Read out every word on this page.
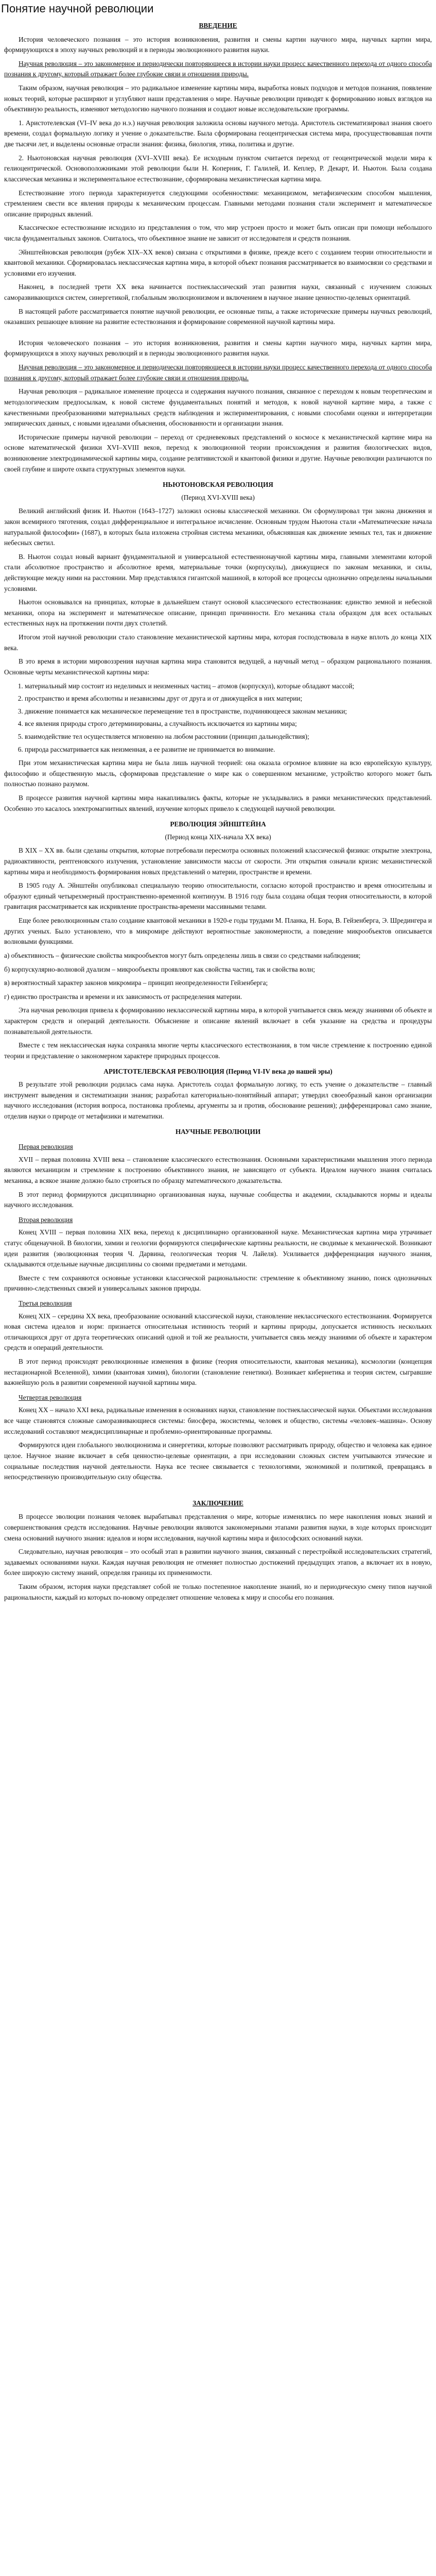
Понятие научной революции
ВВЕДЕНИЕ

История человеческого познания – это история возникновения, развития и смены картин научного мира, научных картин мира, формирующихся в эпоху научных революций и в периоды эволюционного развития науки.

Научная революция – это закономерное и периодически повторяющееся в истории науки процесс качественного перехода от одного способа познания к другому, который отражает более глубокие связи и отношения природы.

Таким образом, научная революция – это радикальное изменение картины мира, выработка новых подходов и методов познания, появление новых теорий, которые расширяют и углубляют наши представления о мире. Научные революции приводят к формированию новых взглядов на объективную реальность, изменяют методологию научного познания и создают новые исследовательские программы.

1. Аристотелевская (VI–IV века до н.э.) научная революция заложила основы научного метода. Аристотель систематизировал знания своего времени, создал формальную логику и учение о доказательстве. Была сформирована геоцентрическая система мира, просуществовавшая почти две тысячи лет, и выделены основные отрасли знания: физика, биология, этика, политика и другие.

2. Ньютоновская научная революция (XVI–XVIII века). Ее исходным пунктом считается переход от геоцентрической модели мира к гелиоцентрической. Основоположниками этой революции были Н. Коперник, Г. Галилей, И. Кеплер, Р. Декарт, И. Ньютон. Была создана классическая механика и экспериментальное естествознание, сформирована механистическая картина мира.

Естествознание этого периода характеризуется следующими особенностями: механицизмом, метафизическим способом мышления, стремлением свести все явления природы к механическим процессам. Главными методами познания стали эксперимент и математическое описание природных явлений.

Классическое естествознание исходило из представления о том, что мир устроен просто и может быть описан при помощи небольшого числа фундаментальных законов. Считалось, что объективное знание не зависит от исследователя и средств познания.

Эйнштейновская революция (рубеж XIX–XX веков) связана с открытиями в физике, прежде всего с созданием теории относительности и квантовой механики. Сформировалась неклассическая картина мира, в которой объект познания рассматривается во взаимосвязи со средствами и условиями его изучения.

Наконец, в последней трети XX века начинается постнеклассический этап развития науки, связанный с изучением сложных саморазвивающихся систем, синергетикой, глобальным эволюционизмом и включением в научное знание ценностно-целевых ориентаций.

В настоящей работе рассматривается понятие научной революции, ее основные типы, а также исторические примеры научных революций, оказавших решающее влияние на развитие естествознания и формирование современной научной картины мира.

История человеческого познания – это история возникновения, развития и смены картин научного мира, научных картин мира, формирующихся в эпоху научных революций и в периоды эволюционного развития науки.

Научная революция – это закономерное и периодически повторяющееся в истории науки процесс качественного перехода от одного способа познания к другому, который отражает более глубокие связи и отношения природы.

Научная революция – радикальное изменение процесса и содержания научного познания, связанное с переходом к новым теоретическим и методологическим предпосылкам, к новой системе фундаментальных понятий и методов, к новой научной картине мира, а также с качественными преобразованиями материальных средств наблюдения и экспериментирования, с новыми способами оценки и интерпретации эмпирических данных, с новыми идеалами объяснения, обоснованности и организации знания.

Исторические примеры научной революции – переход от средневековых представлений о космосе к механистической картине мира на основе математической физики XVI–XVIII веков, переход к эволюционной теории происхождения и развития биологических видов, возникновение электродинамической картины мира, создание релятивистской и квантовой физики и другие. Научные революции различаются по своей глубине и широте охвата структурных элементов науки.

НЬЮТОНОВСКАЯ РЕВОЛЮЦИЯ
(Период XVI-XVIII века)

Великий английский физик И. Ньютон (1643–1727) заложил основы классической механики. Он сформулировал три закона движения и закон всемирного тяготения, создал дифференциальное и интегральное исчисление. Основным трудом Ньютона стали «Математические начала натуральной философии» (1687), в которых была изложена стройная система механики, объяснявшая как движение земных тел, так и движение небесных светил.

В. Ньютон создал новый вариант фундаментальной и универсальной естественнонаучной картины мира, главными элементами которой стали абсолютное пространство и абсолютное время, материальные точки (корпускулы), движущиеся по законам механики, и силы, действующие между ними на расстоянии. Мир представлялся гигантской машиной, в которой все процессы однозначно определены начальными условиями.

Ньютон основывался на принципах, которые в дальнейшем станут основой классического естествознания: единство земной и небесной механики, опора на эксперимент и математическое описание, принцип причинности. Его механика стала образцом для всех остальных естественных наук на протяжении почти двух столетий.

Итогом этой научной революции стало становление механистической картины мира, которая господствовала в науке вплоть до конца XIX века.

В это время в истории мировоззрения научная картина мира становится ведущей, а научный метод – образцом рационального познания. Основные черты механистической картины мира:

1. материальный мир состоит из неделимых и неизменных частиц – атомов (корпускул), которые обладают массой;
2. пространство и время абсолютны и независимы друг от друга и от движущейся в них материи;
3. движение понимается как механическое перемещение тел в пространстве, подчиняющееся законам механики;
4. все явления природы строго детерминированы, а случайность исключается из картины мира;
5. взаимодействие тел осуществляется мгновенно на любом расстоянии (принцип дальнодействия);
6. природа рассматривается как неизменная, а ее развитие не принимается во внимание.

При этом механистическая картина мира не была лишь научной теорией: она оказала огромное влияние на всю европейскую культуру, философию и общественную мысль, сформировав представление о мире как о совершенном механизме, устройство которого может быть полностью познано разумом.

В процессе развития научной картины мира накапливались факты, которые не укладывались в рамки механистических представлений. Особенно это касалось электромагнитных явлений, изучение которых привело к следующей научной революции.

РЕВОЛЮЦИЯ ЭЙНШТЕЙНА
(Период конца XIX-начала XX века)

В XIX – XX вв. были сделаны открытия, которые потребовали пересмотра основных положений классической физики: открытие электрона, радиоактивности, рентгеновского излучения, установление зависимости массы от скорости. Эти открытия означали кризис механистической картины мира и необходимость формирования новых представлений о материи, пространстве и времени.

В 1905 году А. Эйнштейн опубликовал специальную теорию относительности, согласно которой пространство и время относительны и образуют единый четырехмерный пространственно-временной континуум. В 1916 году была создана общая теория относительности, в которой гравитация рассматривается как искривление пространства-времени массивными телами.

Еще более революционным стало создание квантовой механики в 1920-е годы трудами М. Планка, Н. Бора, В. Гейзенберга, Э. Шредингера и других ученых. Было установлено, что в микромире действуют вероятностные закономерности, а поведение микрообъектов описывается волновыми функциями.

а) объективность – физические свойства микрообъектов могут быть определены лишь в связи со средствами наблюдения;

б) корпускулярно-волновой дуализм – микрообъекты проявляют как свойства частиц, так и свойства волн;

в) вероятностный характер законов микромира – принцип неопределенности Гейзенберга;

г) единство пространства и времени и их зависимость от распределения материи.

Эта научная революция привела к формированию неклассической картины мира, в которой учитывается связь между знаниями об объекте и характером средств и операций деятельности. Объяснение и описание явлений включает в себя указание на средства и процедуры познавательной деятельности.

Вместе с тем неклассическая наука сохраняла многие черты классического естествознания, в том числе стремление к построению единой теории и представление о закономерном характере природных процессов.

АРИСТОТЕЛЕВСКАЯ РЕВОЛЮЦИЯ (Период VI-IV века до нашей эры)

В результате этой революции родилась сама наука. Аристотель создал формальную логику, то есть учение о доказательстве – главный инструмент выведения и систематизации знания; разработал категориально-понятийный аппарат; утвердил своеобразный канон организации научного исследования (история вопроса, постановка проблемы, аргументы за и против, обоснование решения); дифференцировал само знание, отделив науки о природе от метафизики и математики.

НАУЧНЫЕ РЕВОЛЮЦИИ
Первая революция

XVII – первая половина XVIII века – становление классического естествознания. Основными характеристиками мышления этого периода являются механицизм и стремление к построению объективного знания, не зависящего от субъекта. Идеалом научного знания считалась механика, а всякое знание должно было строиться по образцу математического доказательства.

В этот период формируются дисциплинарно организованная наука, научные сообщества и академии, складываются нормы и идеалы научного исследования.

Вторая революция

Конец XVIII – первая половина XIX века, переход к дисциплинарно организованной науке. Механистическая картина мира утрачивает статус общенаучной. В биологии, химии и геологии формируются специфические картины реальности, не сводимые к механической. Возникают идеи развития (эволюционная теория Ч. Дарвина, геологическая теория Ч. Лайеля). Усиливается дифференциация научного знания, складываются отдельные научные дисциплины со своими предметами и методами.

Вместе с тем сохраняются основные установки классической рациональности: стремление к объективному знанию, поиск однозначных причинно-следственных связей и универсальных законов природы.

Третья революция

Конец XIX – середина XX века, преобразование оснований классической науки, становление неклассического естествознания. Формируется новая система идеалов и норм: признается относительная истинность теорий и картины природы, допускается истинность нескольких отличающихся друг от друга теоретических описаний одной и той же реальности, учитывается связь между знаниями об объекте и характером средств и операций деятельности.

В этот период происходят революционные изменения в физике (теория относительности, квантовая механика), космологии (концепция нестационарной Вселенной), химии (квантовая химия), биологии (становление генетики). Возникает кибернетика и теория систем, сыгравшие важнейшую роль в развитии современной научной картины мира.

Четвертая революция

Конец XX – начало XXI века, радикальные изменения в основаниях науки, становление постнеклассической науки. Объектами исследования все чаще становятся сложные саморазвивающиеся системы: биосфера, экосистемы, человек и общество, системы «человек–машина». Основу исследований составляют междисциплинарные и проблемно-ориентированные программы.

Формируются идеи глобального эволюционизма и синергетики, которые позволяют рассматривать природу, общество и человека как единое целое. Научное знание включает в себя ценностно-целевые ориентации, а при исследовании сложных систем учитываются этические и социальные последствия научной деятельности. Наука все теснее связывается с технологиями, экономикой и политикой, превращаясь в непосредственную производительную силу общества.

ЗАКЛЮЧЕНИЕ

В процессе эволюции познания человек вырабатывал представления о мире, которые изменялись по мере накопления новых знаний и совершенствования средств исследования. Научные революции являются закономерными этапами развития науки, в ходе которых происходит смена оснований научного знания: идеалов и норм исследования, научной картины мира и философских оснований науки.

Следовательно, научная революция – это особый этап в развитии научного знания, связанный с перестройкой исследовательских стратегий, задаваемых основаниями науки. Каждая научная революция не отменяет полностью достижений предыдущих этапов, а включает их в новую, более широкую систему знаний, определяя границы их применимости.

Таким образом, история науки представляет собой не только постепенное накопление знаний, но и периодическую смену типов научной рациональности, каждый из которых по-новому определяет отношение человека к миру и способы его познания.
